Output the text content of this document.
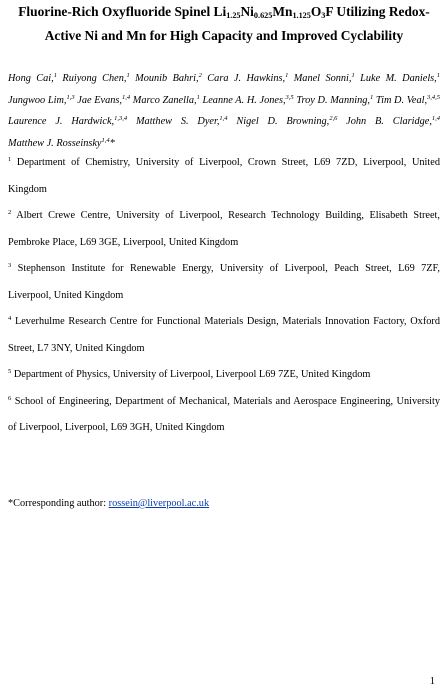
Fluorine-Rich Oxyfluoride Spinel $Li_{1.25}Ni_{0.625}Mn_{1.125}O_3F$ Utilizing Redox-Active Ni and Mn for High Capacity and Improved Cyclability

Hong Cai,$^1$ Ruiyong Chen,$^1$ Mounib Bahri,$^2$ Cara J. Hawkins,$^1$ Manel Sonni,$^1$ Luke M. Daniels,$^1$ Jungwoo Lim,$^{1,3}$ Jae Evans,$^{1,4}$ Marco Zanella,$^1$ Leanne A. H. Jones,$^{3,5}$ Troy D. Manning,$^1$ Tim D. Veal,$^{3,4,5}$ Laurence J. Hardwick,$^{1,3,4}$ Matthew S. Dyer,$^{1,4}$ Nigel D. Browning,$^{2,6}$ John B. Claridge,$^{1,4}$ Matthew J. Rosseinsky$^{1,4}$*

$^1$ Department of Chemistry, University of Liverpool, Crown Street, L69 7ZD, Liverpool, United Kingdom
$^2$ Albert Crewe Centre, University of Liverpool, Research Technology Building, Elisabeth Street, Pembroke Place, L69 3GE, Liverpool, United Kingdom
$^3$ Stephenson Institute for Renewable Energy, University of Liverpool, Peach Street, L69 7ZF, Liverpool, United Kingdom
$^4$ Leverhulme Research Centre for Functional Materials Design, Materials Innovation Factory, Oxford Street, L7 3NY, United Kingdom
$^5$ Department of Physics, University of Liverpool, Liverpool L69 7ZE, United Kingdom
$^6$ School of Engineering, Department of Mechanical, Materials and Aerospace Engineering, University of Liverpool, Liverpool, L69 3GH, United Kingdom

*Corresponding author: rossein@liverpool.ac.uk

1
